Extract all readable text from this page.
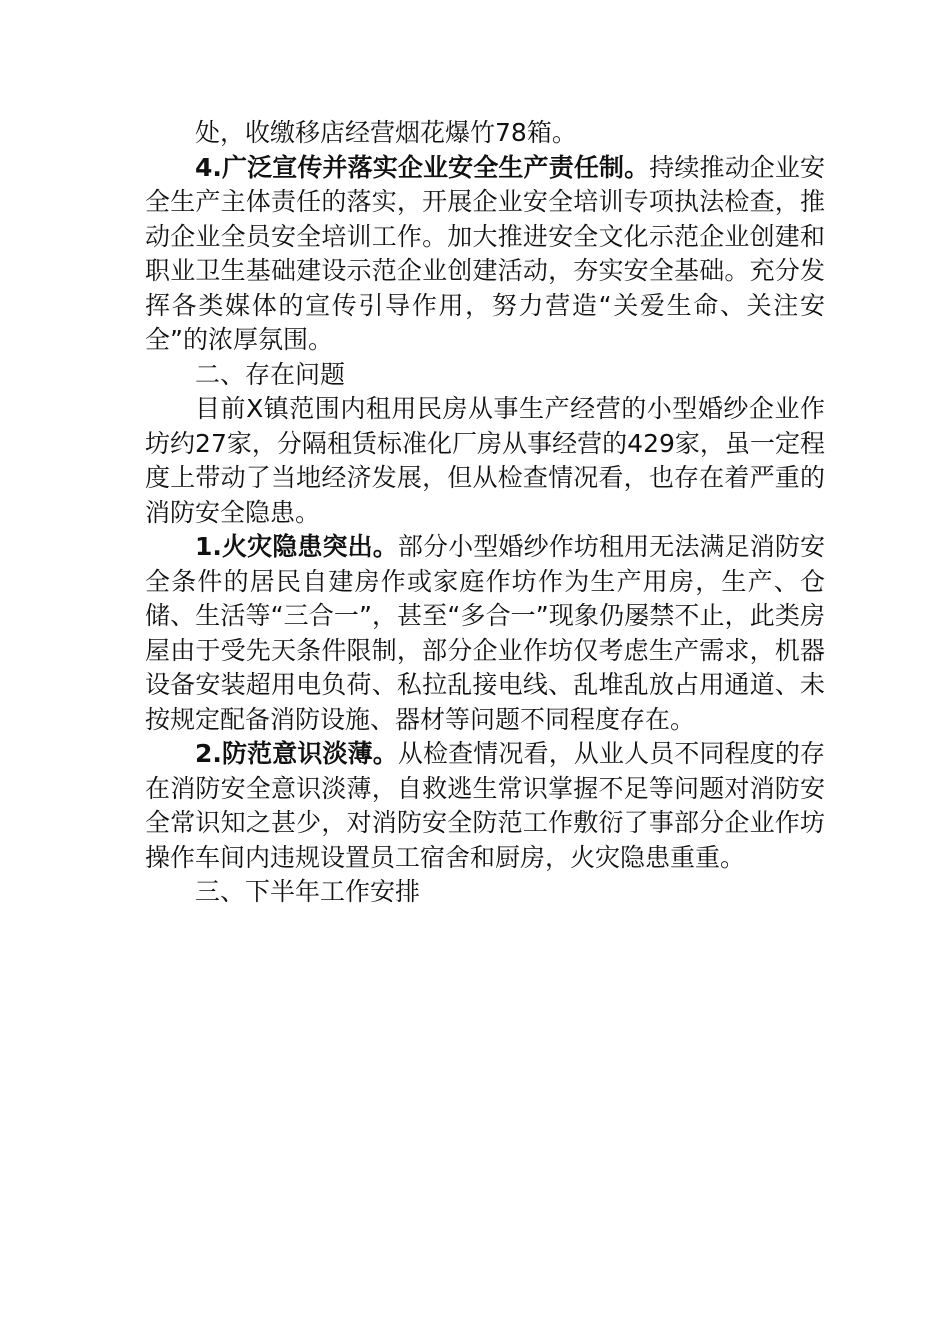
处，收缴移店经营烟花爆竹78箱。

4.广泛宣传并落实企业安全生产责任制。持续推动企业安全生产主体责任的落实，开展企业安全培训专项执法检查，推动企业全员安全培训工作。加大推进安全文化示范企业创建和职业卫生基础建设示范企业创建活动，夯实安全基础。充分发挥各类媒体的宣传引导作用，努力营造“关爱生命、关注安全”的浓厚氛围。

二、存在问题

目前X镇范围内租用民房从事生产经营的小型婚纱企业作坊约27家，分隔租赁标准化厂房从事经营的429家，虽一定程度上带动了当地经济发展，但从检查情况看，也存在着严重的消防安全隐患。

1.火灾隐患突出。部分小型婚纱作坊租用无法满足消防安全条件的居民自建房作或家庭作坊作为生产用房，生产、仓储、生活等“三合一”，甚至“多合一”现象仍屡禁不止，此类房屋由于受先天条件限制，部分企业作坊仅考虑生产需求，机器设备安装超用电负荷、私拉乱接电线、乱堆乱放占用通道、未按规定配备消防设施、器材等问题不同程度存在。

2.防范意识淡薄。从检查情况看，从业人员不同程度的存在消防安全意识淡薄，自救逃生常识掌握不足等问题对消防安全常识知之甚少，对消防安全防范工作敷衍了事部分企业作坊操作车间内违规设置员工宿舍和厨房，火灾隐患重重。

三、下半年工作安排
